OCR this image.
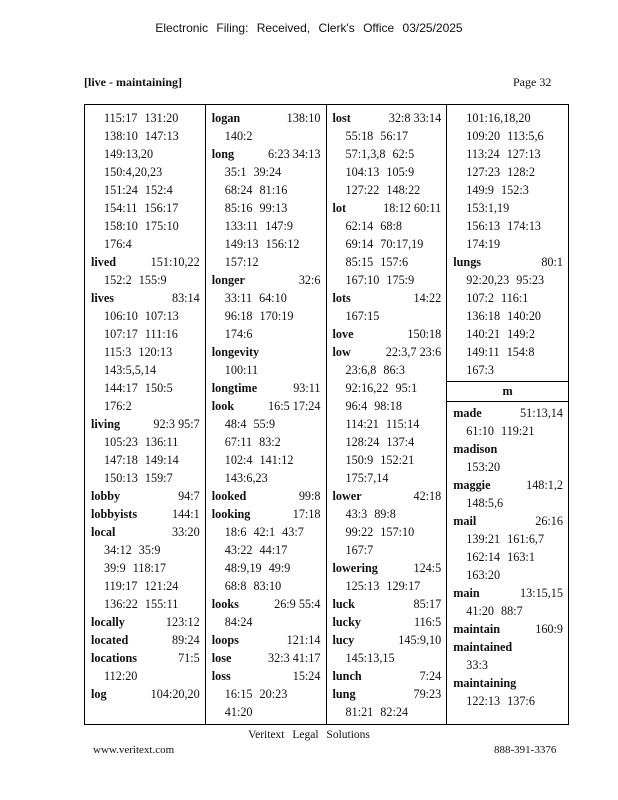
Electronic Filing: Received, Clerk's Office 03/25/2025
[live - maintaining]	Page 32
115:17 131:20
138:10 147:13
149:13,20
150:4,20,23
151:24 152:4
154:11 156:17
158:10 175:10
176:4
lived	151:10,22
152:2 155:9
lives	83:14
106:10 107:13
107:17 111:16
115:3 120:13
143:5,5,14
144:17 150:5
176:2
living	92:3 95:7
105:23 136:11
147:18 149:14
150:13 159:7
lobby	94:7
lobbyists	144:1
local	33:20
34:12 35:9
39:9 118:17
119:17 121:24
136:22 155:11
locally	123:12
located	89:24
locations	71:5
112:20
log	104:20,20
logan	138:10
140:2
long	6:23 34:13
35:1 39:24
68:24 81:16
85:16 99:13
133:11 147:9
149:13 156:12
157:12
longer	32:6
33:11 64:10
96:18 170:19
174:6
longevity
100:11
longtime	93:11
look	16:5 17:24
48:4 55:9
67:11 83:2
102:4 141:12
143:6,23
looked	99:8
looking	17:18
18:6 42:1 43:7
43:22 44:17
48:9,19 49:9
68:8 83:10
looks	26:9 55:4
84:24
loops	121:14
lose	32:3 41:17
loss	15:24
16:15 20:23
41:20
lost	32:8 33:14
55:18 56:17
57:1,3,8 62:5
104:13 105:9
127:22 148:22
lot	18:12 60:11
62:14 68:8
69:14 70:17,19
85:15 157:6
167:10 175:9
lots	14:22
167:15
love	150:18
low	22:3,7 23:6
23:6,8 86:3
92:16,22 95:1
96:4 98:18
114:21 115:14
128:24 137:4
150:9 152:21
175:7,14
lower	42:18
43:3 89:8
99:22 157:10
167:7
lowering	124:5
125:13 129:17
luck	85:17
lucky	116:5
lucy	145:9,10
145:13,15
lunch	7:24
lung	79:23
81:21 82:24
101:16,18,20
109:20 113:5,6
113:24 127:13
127:23 128:2
149:9 152:3
153:1,19
156:13 174:13
174:19
lungs	80:1
92:20,23 95:23
107:2 116:1
136:18 140:20
140:21 149:2
149:11 154:8
167:3
m
made	51:13,14
61:10 119:21
madison
153:20
maggie	148:1,2
148:5,6
mail	26:16
139:21 161:6,7
162:14 163:1
163:20
main	13:15,15
41:20 88:7
maintain	160:9
maintained
33:3
maintaining
122:13 137:6
Veritext Legal Solutions
www.veritext.com	888-391-3376
